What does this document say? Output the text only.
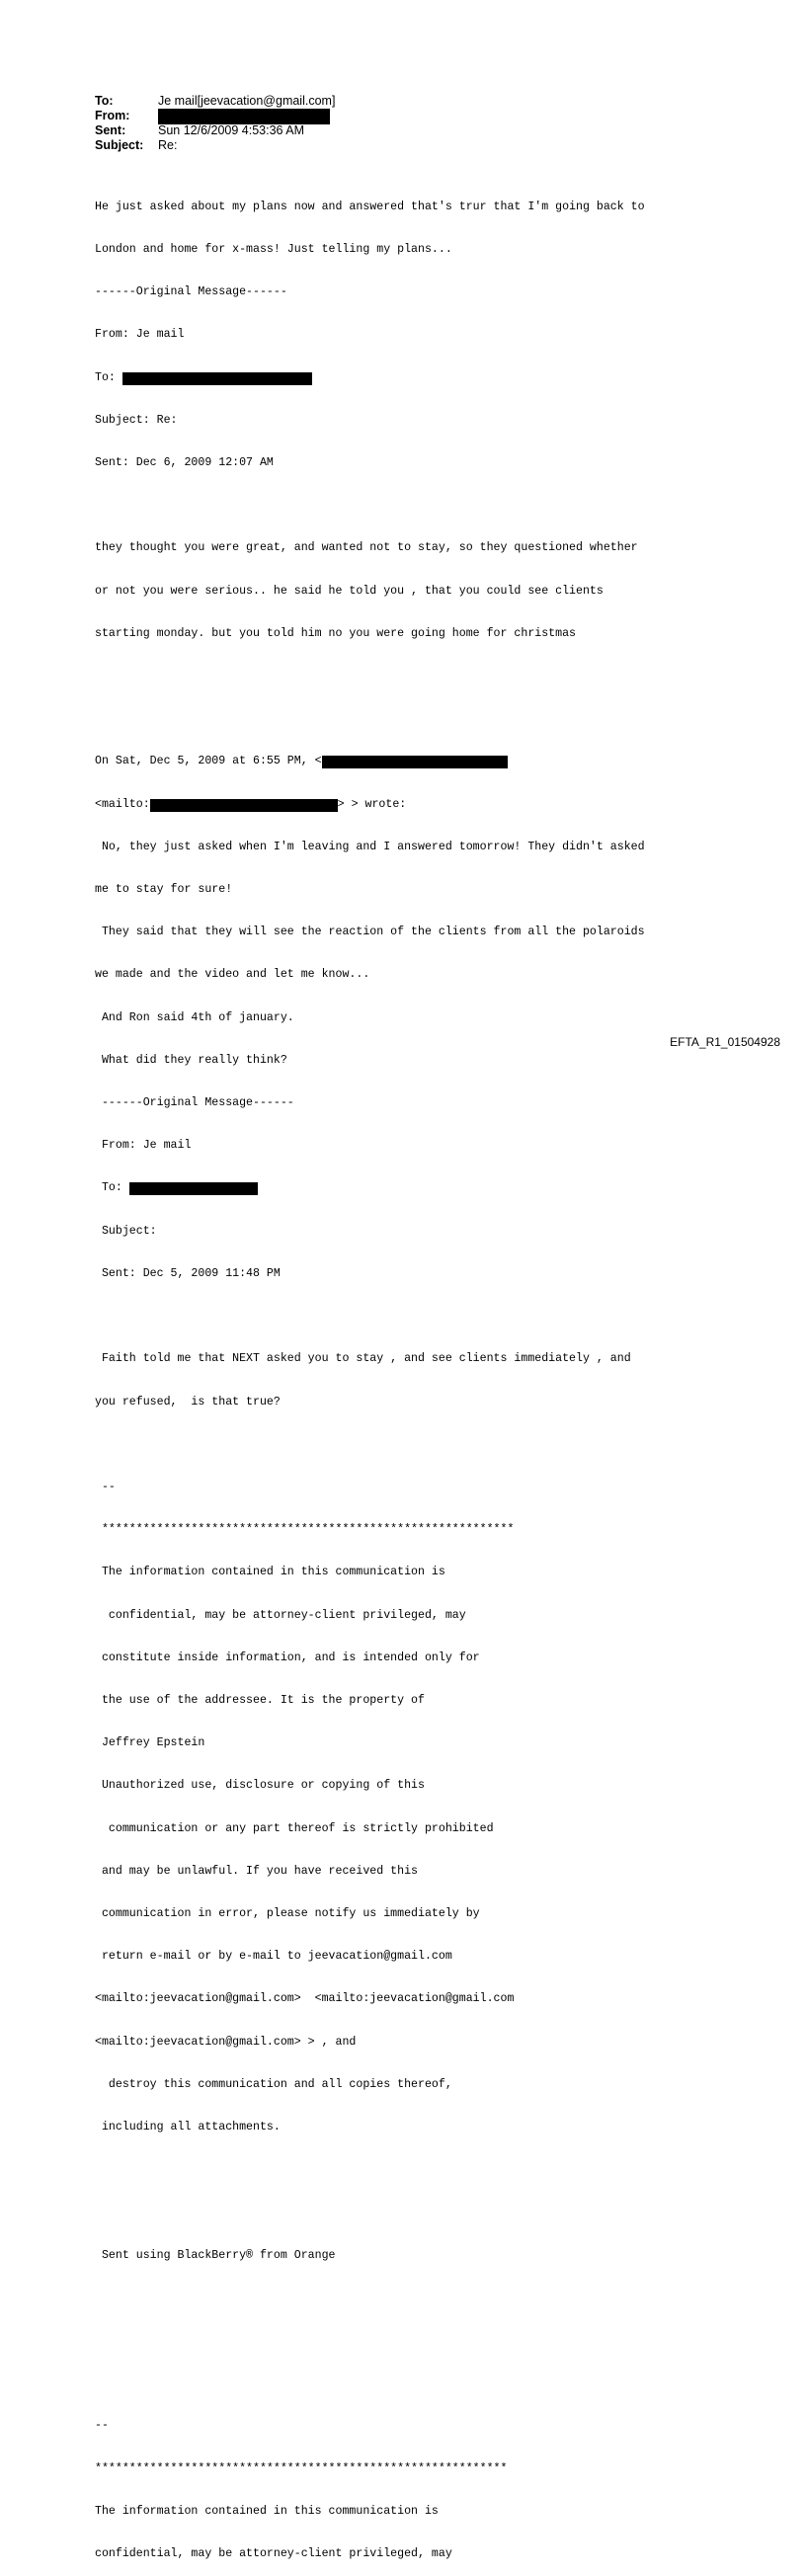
To:	Je mail[jeevacation@gmail.com]
From:
Sent:	Sun 12/6/2009 4:53:36 AM
Subject: Re:

He just asked about my plans now and answered that's trur that I'm going back to

London and home for x-mass! Just telling my plans...

------Original Message------

From: Je mail

To:

Subject: Re:

Sent: Dec 6, 2009 12:07 AM

they thought you were great, and wanted not to stay, so they questioned whether

or not you were serious.. he said he told you , that you could see clients

starting monday. but you told him no you were going home for christmas

On Sat, Dec 5, 2009 at 6:55 PM, <

<mailto:	> > wrote:

No, they just asked when I'm leaving and I answered tomorrow! They didn't asked

me to stay for sure!

They said that they will see the reaction of the clients from all the polaroids

we made and the video and let me know...

And Ron said 4th of january.

What did they really think?

------Original Message------

From: Je mail

To:

Subject:

Sent: Dec 5, 2009 11:48 PM

Faith told me that NEXT asked you to stay , and see clients immediately , and

you refused,  is that true?

--

************************************************************

The information contained in this communication is

confidential, may be attorney-client privileged, may

constitute inside information, and is intended only for

the use of the addressee. It is the property of

Jeffrey Epstein

Unauthorized use, disclosure or copying of this

communication or any part thereof is strictly prohibited

and may be unlawful. If you have received this

communication in error, please notify us immediately by

return e-mail or by e-mail to jeevacation@gmail.com

<mailto:jeevacation@gmail.com>  <mailto:jeevacation@gmail.com

<mailto:jeevacation@gmail.com> > , and

destroy this communication and all copies thereof,

including all attachments.

Sent using BlackBerry® from Orange

--

************************************************************

The information contained in this communication is

confidential, may be attorney-client privileged, may

EFTA_R1_01504928
